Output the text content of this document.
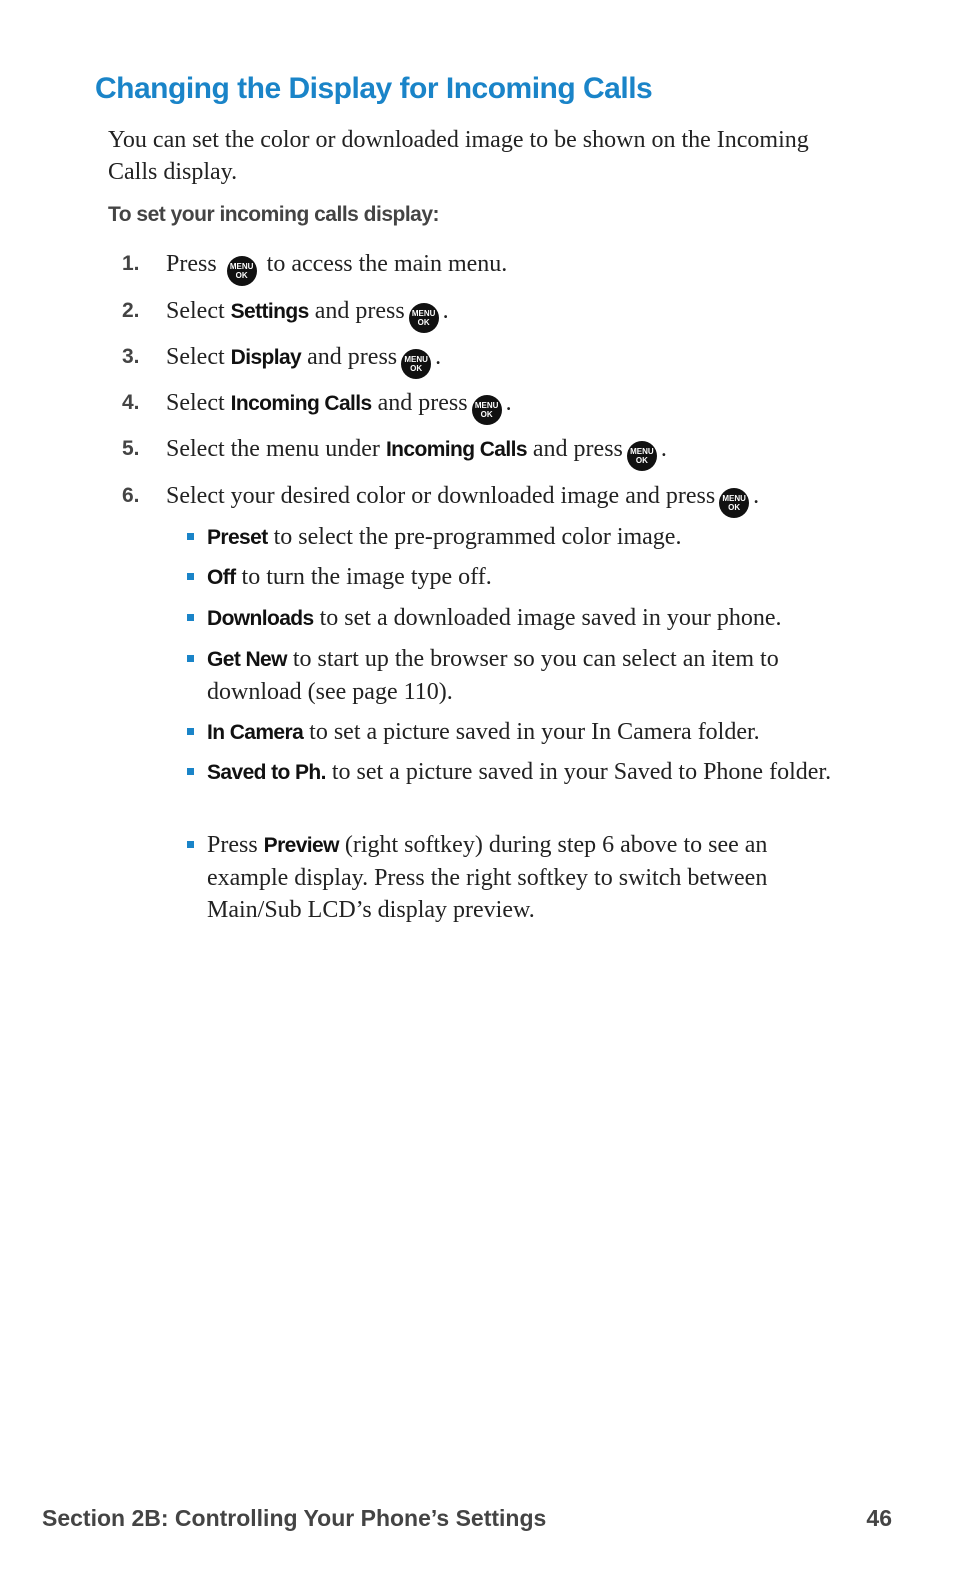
Changing the Display for Incoming Calls

You can set the color or downloaded image to be shown on the Incoming Calls display.

To set your incoming calls display:

1. Press	MENU
OK to access the main menu.
2. Select Settings and press MENU
OK .
3. Select Display and press MENU
OK .
4. Select Incoming Calls and press MENU
OK .
5. Select the menu under Incoming Calls and press MENU
OK .
6. Select your desired color or downloaded image and press MENU
OK .
Preset to select the pre-programmed color image.
Off to turn the image type off.
Downloads to set a downloaded image saved in your phone.
Get New to start up the browser so you can select an item to download (see page 110).
In Camera to set a picture saved in your In Camera folder.
Saved to Ph. to set a picture saved in your Saved to Phone folder.
Press Preview (right softkey) during step 6 above to see an example display. Press the right softkey to switch between Main/Sub LCD’s display preview.
Section 2B: Controlling Your Phone’s Settings	46
